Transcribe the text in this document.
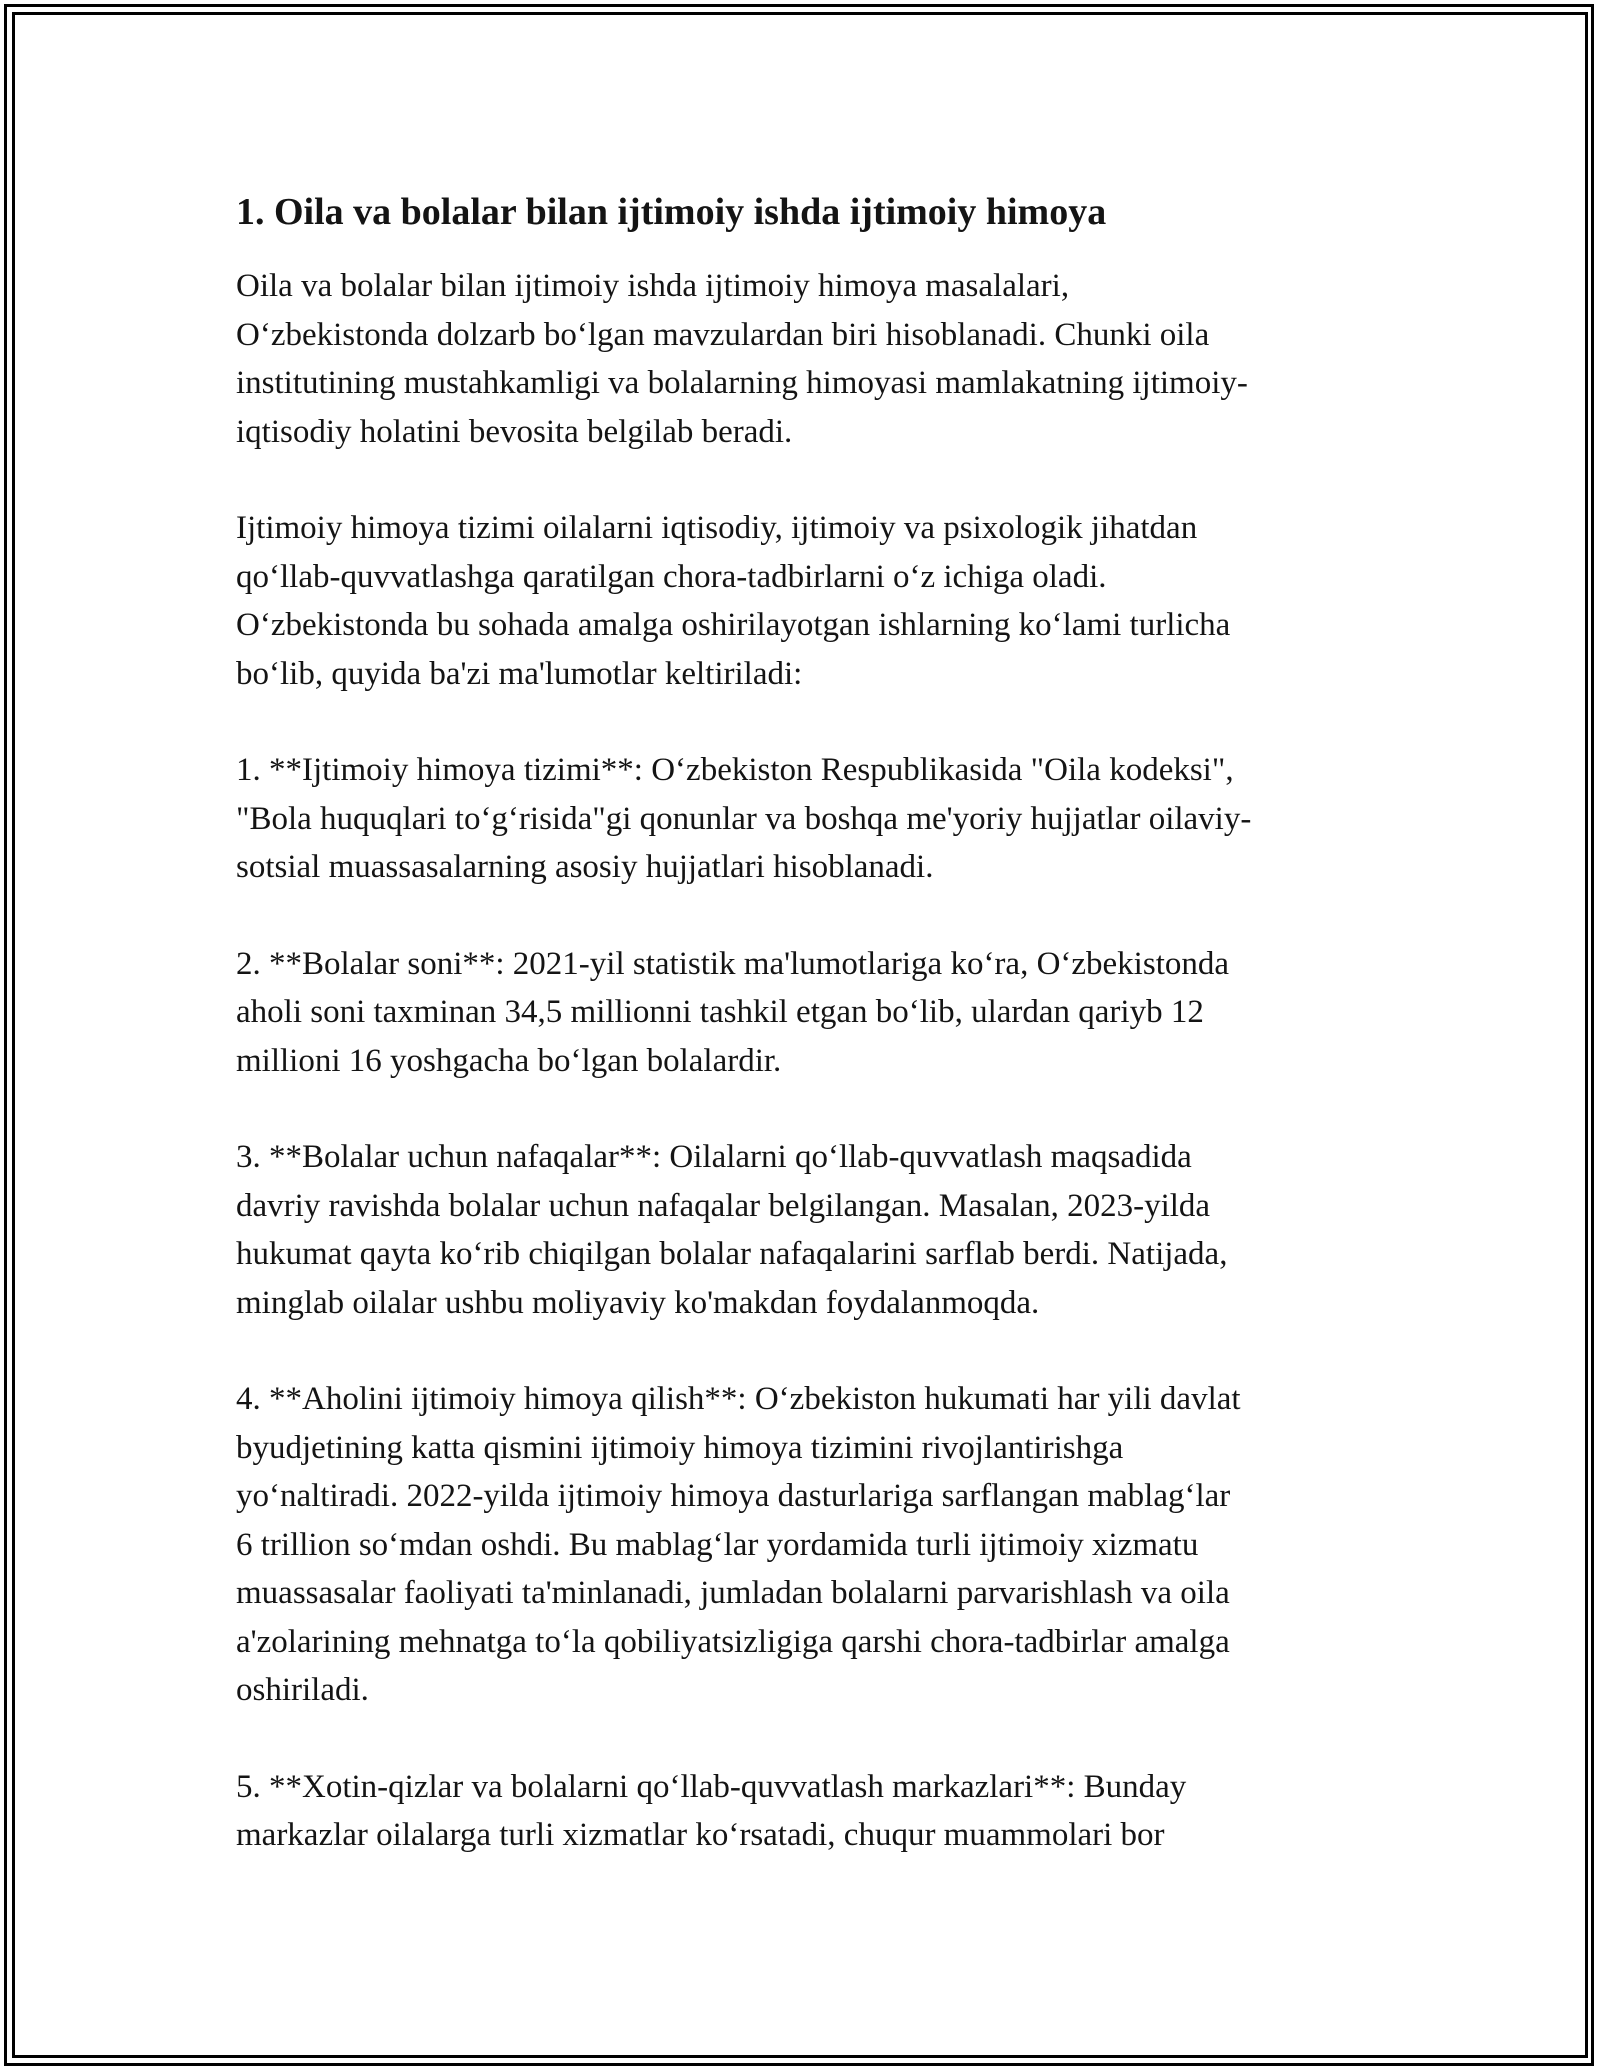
1. Oila va bolalar bilan ijtimoiy ishda ijtimoiy himoya

Oila va bolalar bilan ijtimoiy ishda ijtimoiy himoya masalalari,
O‘zbekistonda dolzarb bo‘lgan mavzulardan biri hisoblanadi. Chunki oila
institutining mustahkamligi va bolalarning himoyasi mamlakatning ijtimoiy-
iqtisodiy holatini bevosita belgilab beradi.

Ijtimoiy himoya tizimi oilalarni iqtisodiy, ijtimoiy va psixologik jihatdan
qo‘llab-quvvatlashga qaratilgan chora-tadbirlarni o‘z ichiga oladi.
O‘zbekistonda bu sohada amalga oshirilayotgan ishlarning ko‘lami turlicha
bo‘lib, quyida ba'zi ma'lumotlar keltiriladi:

1. **Ijtimoiy himoya tizimi**: O‘zbekiston Respublikasida "Oila kodeksi",
"Bola huquqlari to‘g‘risida"gi qonunlar va boshqa me'yoriy hujjatlar oilaviy-
sotsial muassasalarning asosiy hujjatlari hisoblanadi.

2. **Bolalar soni**: 2021-yil statistik ma'lumotlariga ko‘ra, O‘zbekistonda
aholi soni taxminan 34,5 millionni tashkil etgan bo‘lib, ulardan qariyb 12
millioni 16 yoshgacha bo‘lgan bolalardir.

3. **Bolalar uchun nafaqalar**: Oilalarni qo‘llab-quvvatlash maqsadida
davriy ravishda bolalar uchun nafaqalar belgilangan. Masalan, 2023-yilda
hukumat qayta ko‘rib chiqilgan bolalar nafaqalarini sarflab berdi. Natijada,
minglab oilalar ushbu moliyaviy ko'makdan foydalanmoqda.

4. **Aholini ijtimoiy himoya qilish**: O‘zbekiston hukumati har yili davlat
byudjetining katta qismini ijtimoiy himoya tizimini rivojlantirishga
yo‘naltiradi. 2022-yilda ijtimoiy himoya dasturlariga sarflangan mablag‘lar
6 trillion so‘mdan oshdi. Bu mablag‘lar yordamida turli ijtimoiy xizmatu
muassasalar faoliyati ta'minlanadi, jumladan bolalarni parvarishlash va oila
a'zolarining mehnatga to‘la qobiliyatsizligiga qarshi chora-tadbirlar amalga
oshiriladi.

5. **Xotin-qizlar va bolalarni qo‘llab-quvvatlash markazlari**: Bunday
markazlar oilalarga turli xizmatlar ko‘rsatadi, chuqur muammolari bor
